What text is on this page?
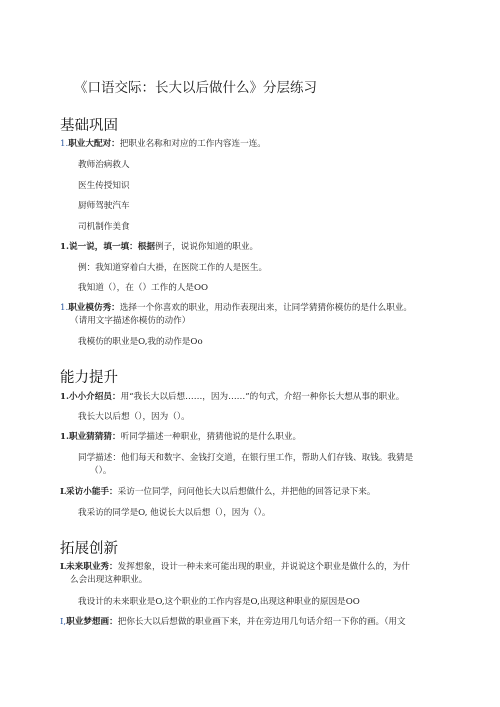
《口语交际：长大以后做什么》分层练习
基础巩固
1.职业大配对：把职业名称和对应的工作内容连一连。
教师治病救人
医生传授知识
厨师驾驶汽车
司机制作美食
1.说一说，填一填：根据例子，说说你知道的职业。
例：我知道穿着白大褂，在医院工作的人是医生。
我知道（），在（）工作的人是OO
1.职业模仿秀：选择一个你喜欢的职业，用动作表现出来，让同学猜猜你模仿的是什么职业。
（请用文字描述你模仿的动作）
我模仿的职业是O,我的动作是Oo
能力提升
1.小小介绍员：用“我长大以后想……，因为……”的句式，介绍一种你长大想从事的职业。
我长大以后想（），因为（）。
1.职业猜猜猜：听同学描述一种职业，猜猜他说的是什么职业。
同学描述：他们每天和数字、金钱打交道，在银行里工作，帮助人们存钱、取钱。我猜是
（）。
L采访小能手：采访一位同学，问问他长大以后想做什么，并把他的回答记录下来。
我采访的同学是O, 他说长大以后想（），因为（）。
拓展创新
L未来职业秀：发挥想象，设计一种未来可能出现的职业，并说说这个职业是做什么的，为什
么会出现这种职业。
我设计的未来职业是O,这个职业的工作内容是O,出现这种职业的原因是OO
I,职业梦想画：把你长大以后想做的职业画下来，并在旁边用几句话介绍一下你的画。（用文
